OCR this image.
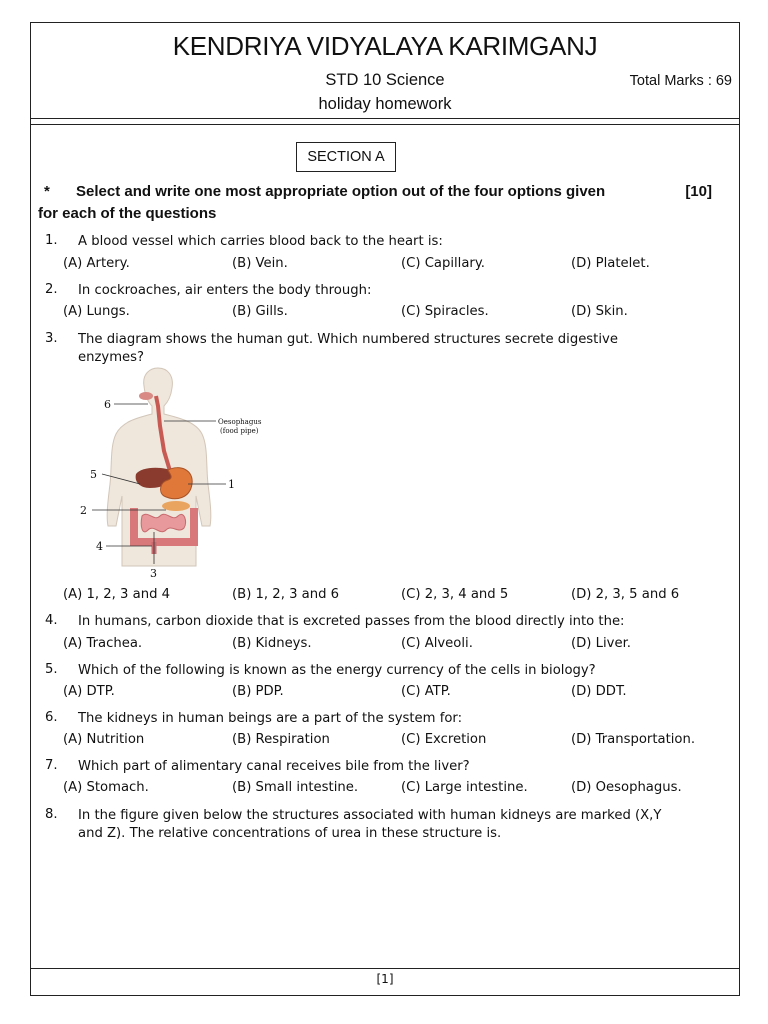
KENDRIYA VIDYALAYA KARIMGANJ
STD 10 Science
holiday homework
Total Marks : 69
SECTION A
* Select and write one most appropriate option out of the four options given
for each of the questions
[10]
1. A blood vessel which carries blood back to the heart is:
(A) Artery.	(B) Vein.	(C) Capillary.	(D) Platelet.
2. In cockroaches, air enters the body through:
(A) Lungs.	(B) Gills.	(C) Spiracles.	(D) Skin.
3. The diagram shows the human gut. Which numbered structures secrete digestive
enzymes?
6
Oesophagus
(food pipe)
5
1
2
4
3
(A) 1, 2, 3 and 4	(B) 1, 2, 3 and 6	(C) 2, 3, 4 and 5	(D) 2, 3, 5 and 6
4. In humans, carbon dioxide that is excreted passes from the blood directly into the:
(A) Trachea.	(B) Kidneys.	(C) Alveoli.	(D) Liver.
5. Which of the following is known as the energy currency of the cells in biology?
(A) DTP.	(B) PDP.	(C) ATP.	(D) DDT.
6. The kidneys in human beings are a part of the system for:
(A) Nutrition	(B) Respiration	(C) Excretion	(D) Transportation.
7. Which part of alimentary canal receives bile from the liver?
(A) Stomach.	(B) Small intestine.	(C) Large intestine.	(D) Oesophagus.
8. In the figure given below the structures associated with human kidneys are marked (X,Y
and Z). The relative concentrations of urea in these structure is.
[1]
